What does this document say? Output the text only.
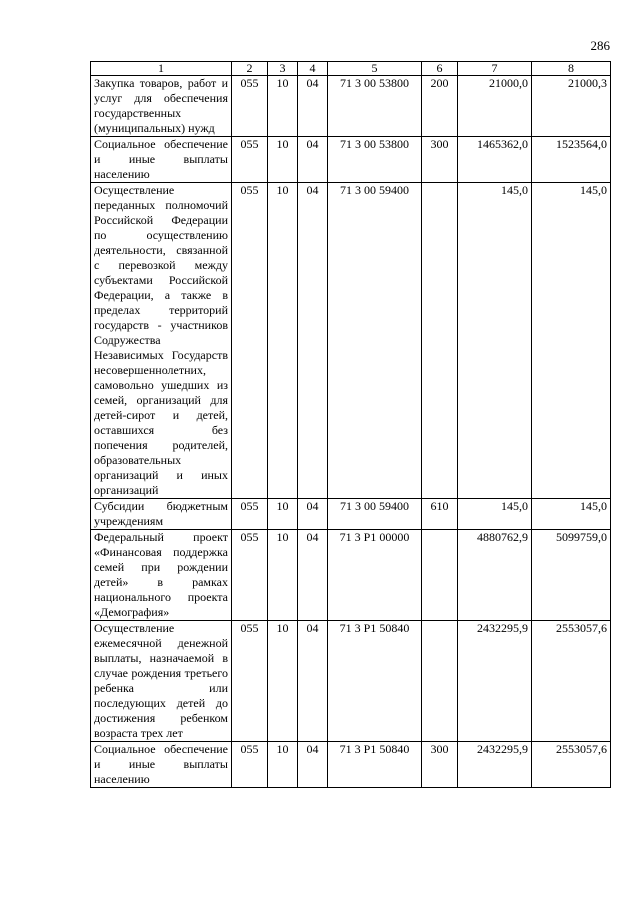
286
1	2	3	4	5	6	7	8
Закупка товаров, работ и услуг для обеспечения государственных (муниципальных) нужд	055	10	04	71 3 00 53800	200	21000,0	21000,3
Социальное обеспечение и иные выплаты населению	055	10	04	71 3 00 53800	300	1465362,0	1523564,0
Осуществление переданных полномочий Российской Федерации по осуществлению деятельности, связанной с перевозкой между субъектами Российской Федерации, а также в пределах территорий государств - участников Содружества Независимых Государств несовершеннолетних, самовольно ушедших из семей, организаций для детей-сирот и детей, оставшихся без попечения родителей, образовательных организаций и иных организаций	055	10	04	71 3 00 59400		145,0	145,0
Субсидии бюджетным учреждениям	055	10	04	71 3 00 59400	610	145,0	145,0
Федеральный проект «Финансовая поддержка семей при рождении детей» в рамках национального проекта «Демография»	055	10	04	71 3 P1 00000		4880762,9	5099759,0
Осуществление ежемесячной денежной выплаты, назначаемой в случае рождения третьего ребенка или последующих детей до достижения ребенком возраста трех лет	055	10	04	71 3 P1 50840		2432295,9	2553057,6
Социальное обеспечение и иные выплаты населению	055	10	04	71 3 P1 50840	300	2432295,9	2553057,6
